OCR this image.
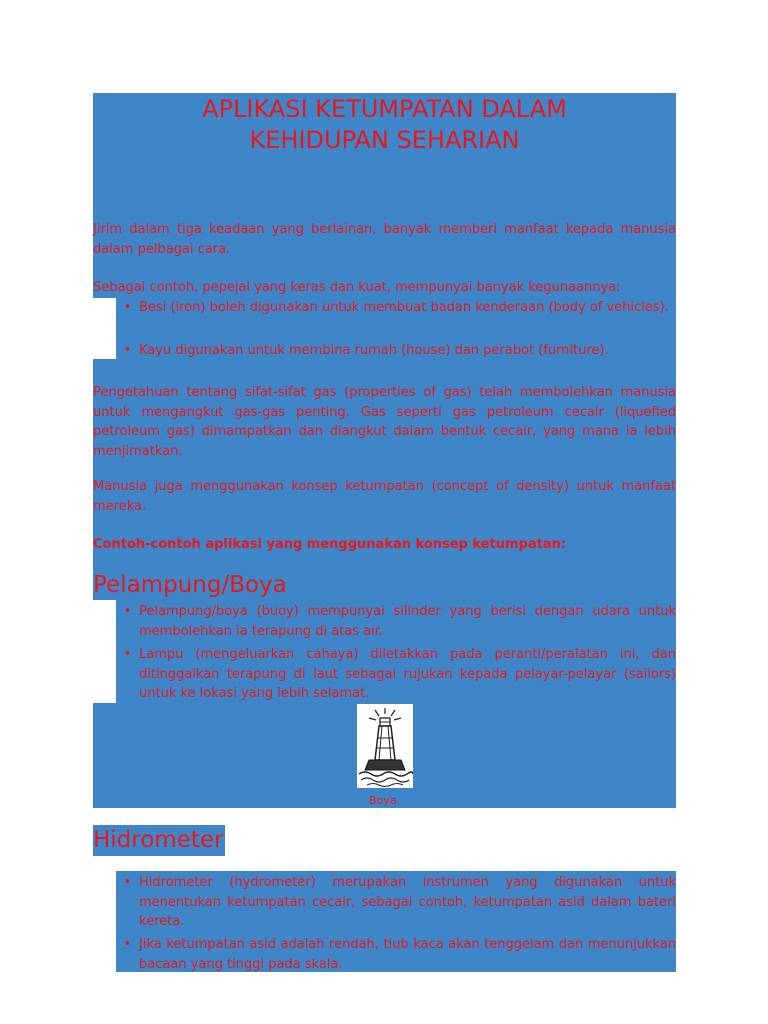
APLIKASI KETUMPATAN DALAM
KEHIDUPAN SEHARIAN
Jirim dalam tiga keadaan yang berlainan, banyak memberi manfaat kepada manusia dalam pelbagai cara.
Sebagai contoh, pepejal yang keras dan kuat, mempunyai banyak kegunaannya:
• Besi (iron) boleh digunakan untuk membuat badan kenderaan (body of vehicles).
• Kayu digunakan untuk membina rumah (house) dan perabot (furniture).
Pengetahuan tentang sifat-sifat gas (properties of gas) telah membolehkan manusia untuk mengangkut gas-gas penting. Gas seperti gas petroleum cecair (liquefied petroleum gas) dimampatkan dan diangkut dalam bentuk cecair, yang mana ia lebih menjimatkan.
Manusia juga menggunakan konsep ketumpatan (concept of density) untuk manfaat mereka.
Contoh-contoh aplikasi yang menggunakan konsep ketumpatan:
Pelampung/Boya
• Pelampung/boya (buoy) mempunyai silinder yang berisi dengan udara untuk membolehkan ia terapung di atas air.
• Lampu (mengeluarkan cahaya) diletakkan pada peranti/peralatan ini, dan ditinggalkan terapung di laut sebagai rujukan kepada pelayar-pelayar (sailors) untuk ke lokasi yang lebih selamat.
Boya.
Hidrometer
• Hidrometer (hydrometer) merupakan instrumen yang digunakan untuk menentukan ketumpatan cecair, sebagai contoh, ketumpatan asid dalam bateri kereta.
• Jika ketumpatan asid adalah rendah, tiub kaca akan tenggelam dan menunjukkan bacaan yang tinggi pada skala.
